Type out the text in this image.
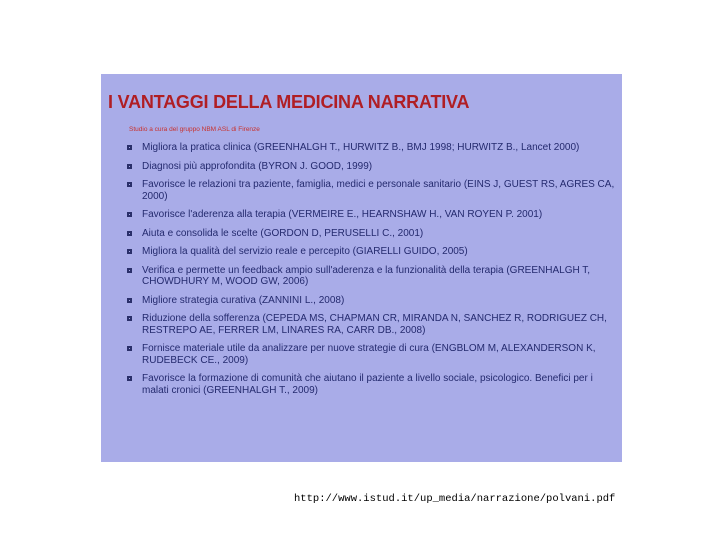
I VANTAGGI DELLA MEDICINA NARRATIVA
Studio a cura del gruppo NBM ASL di Firenze
Migliora la pratica clinica (GREENHALGH T., HURWITZ B., BMJ 1998; HURWITZ B., Lancet 2000)
Diagnosi più approfondita (BYRON J. GOOD, 1999)
Favorisce le relazioni tra paziente, famiglia, medici e personale sanitario (EINS J, GUEST RS, AGRES CA, 2000)
Favorisce l'aderenza alla terapia (VERMEIRE E., HEARNSHAW H., VAN ROYEN P. 2001)
Aiuta e consolida le scelte (GORDON D, PERUSELLI C., 2001)
Migliora la qualità del servizio reale e percepito (GIARELLI GUIDO, 2005)
Verifica e permette un feedback ampio sull'aderenza e la funzionalità della terapia (GREENHALGH T, CHOWDHURY M, WOOD GW, 2006)
Migliore strategia curativa (ZANNINI L., 2008)
Riduzione della sofferenza (CEPEDA MS, CHAPMAN CR, MIRANDA N, SANCHEZ R, RODRIGUEZ CH, RESTREPO AE, FERRER LM, LINARES RA, CARR DB., 2008)
Fornisce materiale utile da analizzare per nuove strategie di cura (ENGBLOM M, ALEXANDERSON K, RUDEBECK CE., 2009)
Favorisce la formazione di comunità che aiutano il paziente a livello sociale, psicologico. Benefici per i malati cronici (GREENHALGH T., 2009)
http://www.istud.it/up_media/narrazione/polvani.pdf
